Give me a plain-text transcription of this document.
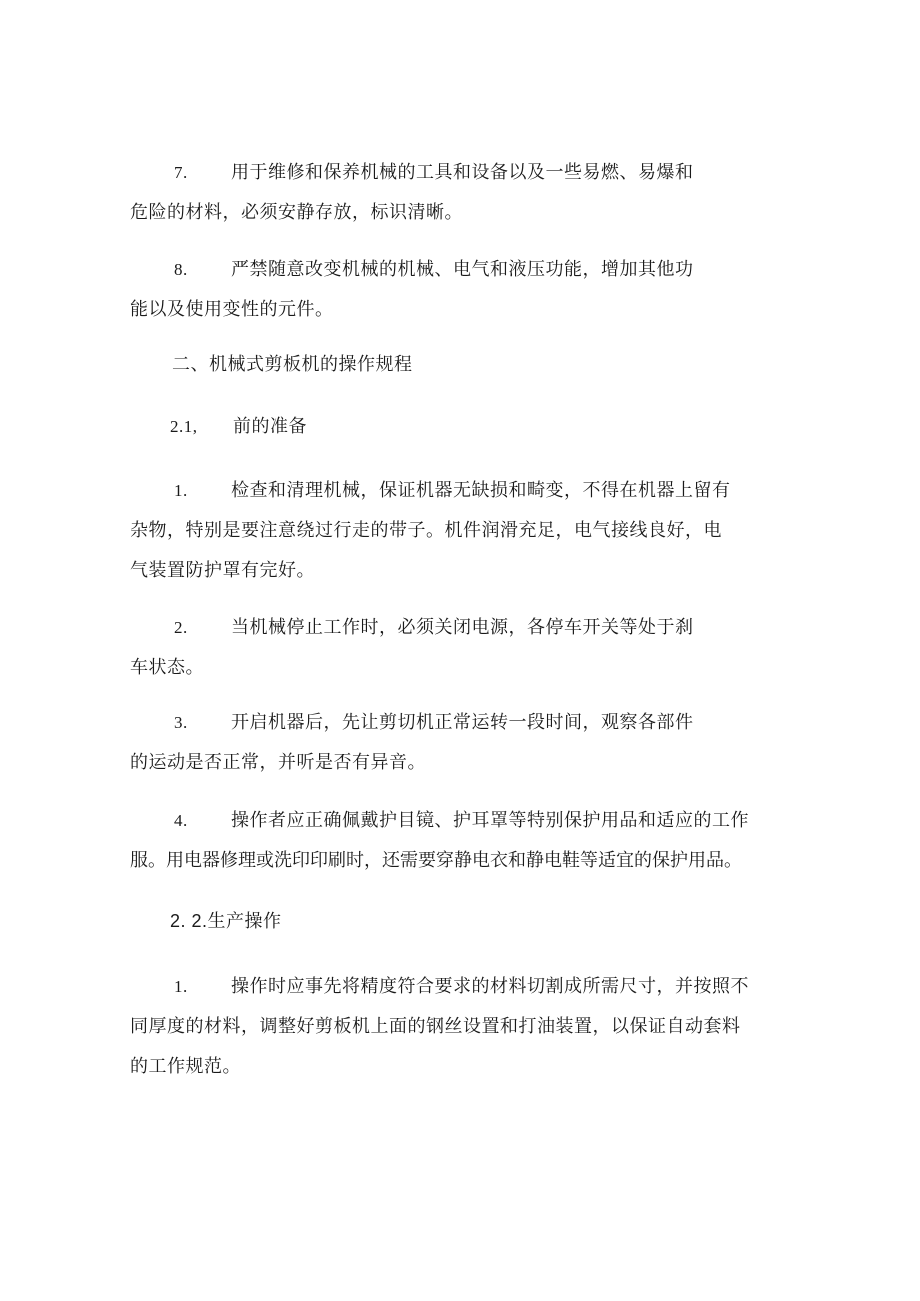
7. 用于维修和保养机械的工具和设备以及一些易燃、易爆和
危险的材料，必须安静存放，标识清晰。
8. 严禁随意改变机械的机械、电气和液压功能，增加其他功
能以及使用变性的元件。
二、机械式剪板机的操作规程
2.1, 前的准备
1. 检查和清理机械，保证机器无缺损和畸变，不得在机器上留有
杂物，特别是要注意绕过行走的带子。机件润滑充足，电气接线良好，电
气装置防护罩有完好。
2. 当机械停止工作时，必须关闭电源，各停车开关等处于刹
车状态。
3. 开启机器后，先让剪切机正常运转一段时间，观察各部件
的运动是否正常，并听是否有异音。
4. 操作者应正确佩戴护目镜、护耳罩等特别保护用品和适应的工作
服。用电器修理或洗印印刷时，还需要穿静电衣和静电鞋等适宜的保护用品。
2. 2.生产操作
1. 操作时应事先将精度符合要求的材料切割成所需尺寸，并按照不
同厚度的材料，调整好剪板机上面的钢丝设置和打油装置，以保证自动套料
的工作规范。
